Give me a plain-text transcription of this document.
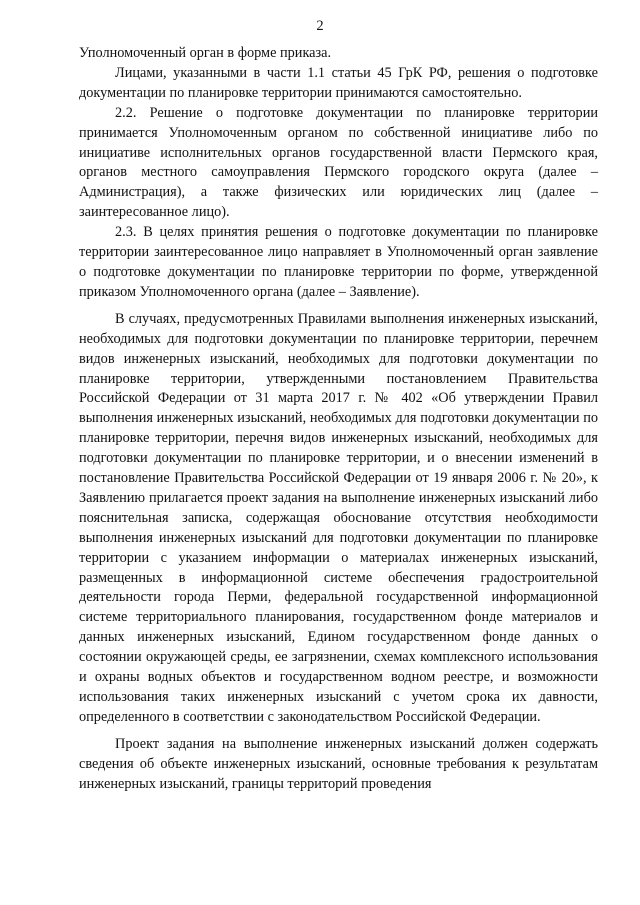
2

Уполномоченный орган в форме приказа.

Лицами, указанными в части 1.1 статьи 45 ГрК РФ, решения о подготовке документации по планировке территории принимаются самостоятельно.

2.2. Решение о подготовке документации по планировке территории принимается Уполномоченным органом по собственной инициативе либо по инициативе исполнительных органов государственной власти Пермского края, органов местного самоуправления Пермского городского округа (далее – Администрация), а также физических или юридических лиц (далее – заинтересованное лицо).

2.3. В целях принятия решения о подготовке документации по планировке территории заинтересованное лицо направляет в Уполномоченный орган заявление о подготовке документации по планировке территории по форме, утвержденной приказом Уполномоченного органа (далее – Заявление).

В случаях, предусмотренных Правилами выполнения инженерных изысканий, необходимых для подготовки документации по планировке территории, перечнем видов инженерных изысканий, необходимых для подготовки документации по планировке территории, утвержденными постановлением Правительства Российской Федерации от 31 марта 2017 г. № 402 «Об утверждении Правил выполнения инженерных изысканий, необходимых для подготовки документации по планировке территории, перечня видов инженерных изысканий, необходимых для подготовки документации по планировке территории, и о внесении изменений в постановление Правительства Российской Федерации от 19 января 2006 г. № 20», к Заявлению прилагается проект задания на выполнение инженерных изысканий либо пояснительная записка, содержащая обоснование отсутствия необходимости выполнения инженерных изысканий для подготовки документации по планировке территории с указанием информации о материалах инженерных изысканий, размещенных в информационной системе обеспечения градостроительной деятельности города Перми, федеральной государственной информационной системе территориального планирования, государственном фонде материалов и данных инженерных изысканий, Едином государственном фонде данных о состоянии окружающей среды, ее загрязнении, схемах комплексного использования и охраны водных объектов и государственном водном реестре, и возможности использования таких инженерных изысканий с учетом срока их давности, определенного в соответствии с законодательством Российской Федерации.

Проект задания на выполнение инженерных изысканий должен содержать сведения об объекте инженерных изысканий, основные требования к результатам инженерных изысканий, границы территорий проведения
